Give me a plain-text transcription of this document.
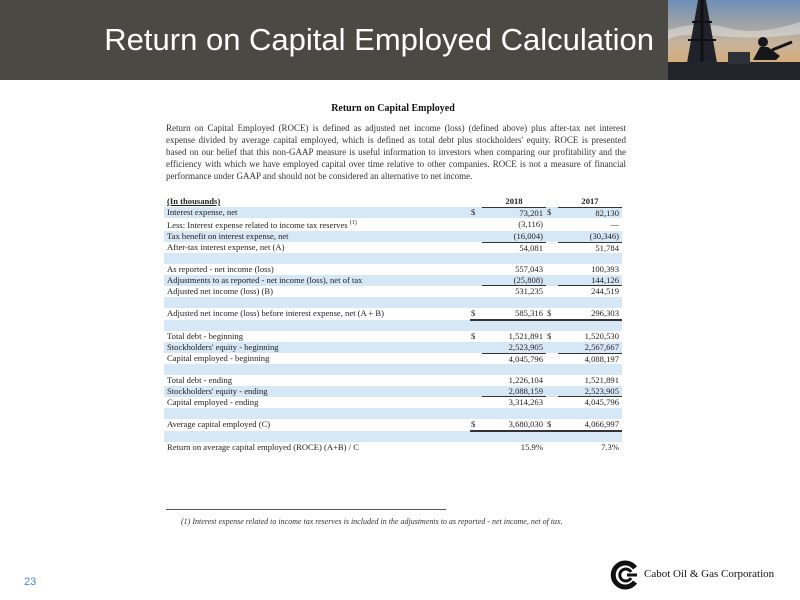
Return on Capital Employed Calculation
Return on Capital Employed
Return on Capital Employed (ROCE) is defined as adjusted net income (loss) (defined above) plus after-tax net interest expense divided by average capital employed, which is defined as total debt plus stockholders' equity. ROCE is presented based on our belief that this non-GAAP measure is useful information to investors when comparing our profitability and the efficiency with which we have employed capital over time relative to other companies. ROCE is not a measure of financial performance under GAAP and should not be considered an alternative to net income.
(In thousands)		2018		2017
Interest expense, net	$	73,201	$	82,130
Less: Interest expense related to income tax reserves $^{(1)}$		(3,116)		—
Tax benefit on interest expense, net		(16,004)		(30,346)
After-tax interest expense, net (A)		54,081		51,784

As reported - net income (loss)		557,043		100,393
Adjustments to as reported - net income (loss), net of tax		(25,808)		144,126
Adjusted net income (loss) (B)		531,235		244,519

Adjusted net income (loss) before interest expense, net (A + B)	$	585,316	$	296,303

Total debt - beginning	$	1,521,891	$	1,520,530
Stockholders' equity - beginning		2,523,905		2,567,667
Capital employed - beginning		4,045,796		4,088,197

Total debt - ending		1,226,104		1,521,891
Stockholders' equity - ending		2,088,159		2,523,905
Capital employed - ending		3,314,263		4,045,796

Average capital employed (C)	$	3,680,030	$	4,066,997

Return on average capital employed (ROCE) (A+B) / C		15.9%		7.3%
(1) Interest expense related to income tax reserves is included in the adjustments to as reported - net income, net of tax.
23
Cabot Oil & Gas Corporation
